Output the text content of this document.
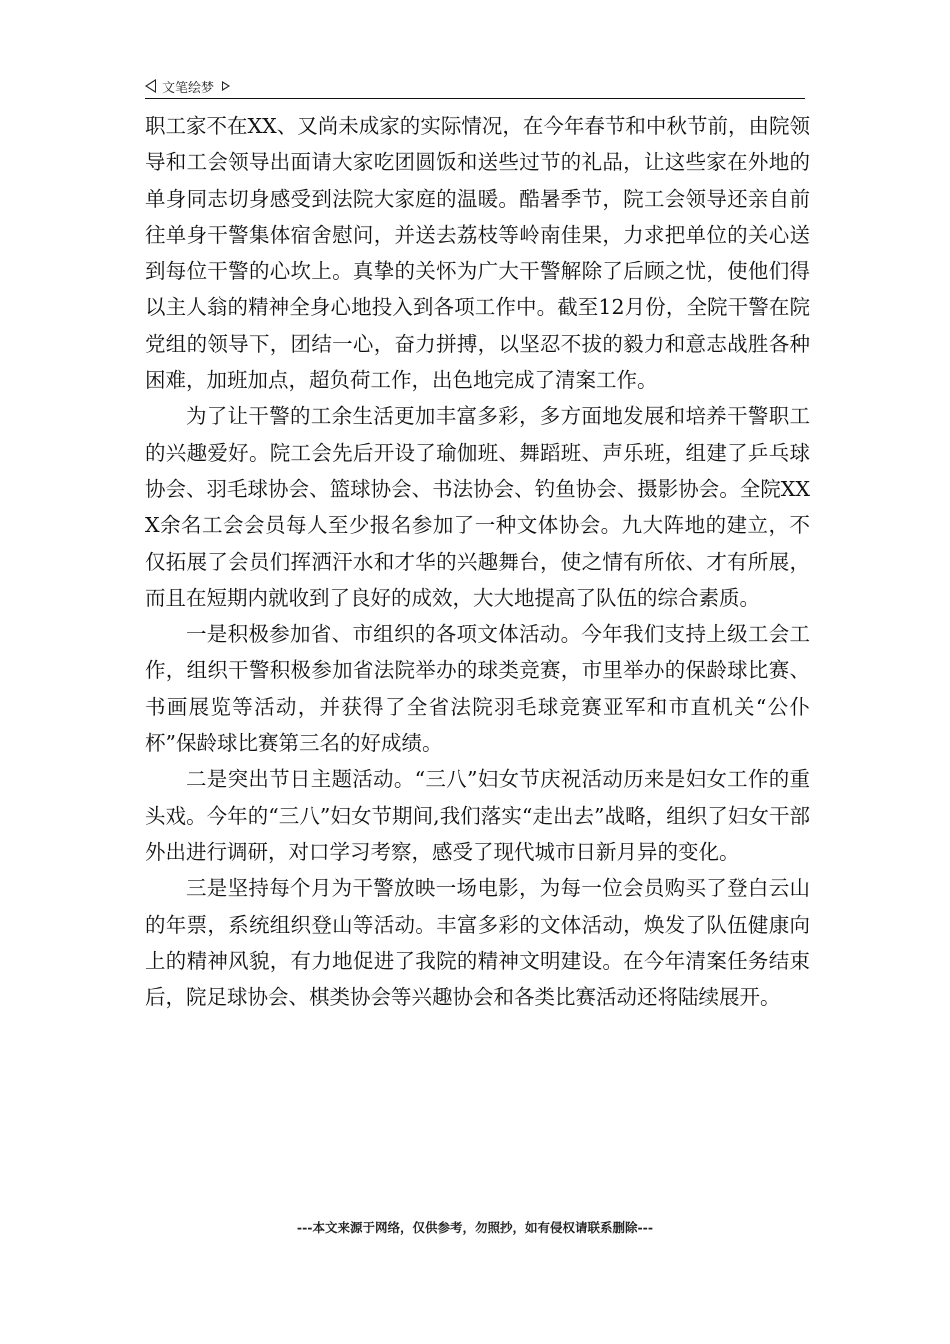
文笔绘梦

职工家不在XX、又尚未成家的实际情况，在今年春节和中秋节前，由院领导和工会领导出面请大家吃团圆饭和送些过节的礼品，让这些家在外地的单身同志切身感受到法院大家庭的温暖。酷暑季节，院工会领导还亲自前往单身干警集体宿舍慰问，并送去荔枝等岭南佳果，力求把单位的关心送到每位干警的心坎上。真挚的关怀为广大干警解除了后顾之忧，使他们得以主人翁的精神全身心地投入到各项工作中。截至12月份，全院干警在院党组的领导下，团结一心，奋力拼搏，以坚忍不拔的毅力和意志战胜各种困难，加班加点，超负荷工作，出色地完成了清案工作。

为了让干警的工余生活更加丰富多彩，多方面地发展和培养干警职工的兴趣爱好。院工会先后开设了瑜伽班、舞蹈班、声乐班，组建了乒乓球协会、羽毛球协会、篮球协会、书法协会、钓鱼协会、摄影协会。全院XXX余名工会会员每人至少报名参加了一种文体协会。九大阵地的建立，不仅拓展了会员们挥洒汗水和才华的兴趣舞台，使之情有所依、才有所展，而且在短期内就收到了良好的成效，大大地提高了队伍的综合素质。

一是积极参加省、市组织的各项文体活动。今年我们支持上级工会工作，组织干警积极参加省法院举办的球类竞赛，市里举办的保龄球比赛、书画展览等活动，并获得了全省法院羽毛球竞赛亚军和市直机关“公仆杯”保龄球比赛第三名的好成绩。

二是突出节日主题活动。“三八”妇女节庆祝活动历来是妇女工作的重头戏。今年的“三八”妇女节期间,我们落实“走出去”战略，组织了妇女干部外出进行调研，对口学习考察，感受了现代城市日新月异的变化。

三是坚持每个月为干警放映一场电影，为每一位会员购买了登白云山的年票，系统组织登山等活动。丰富多彩的文体活动，焕发了队伍健康向上的精神风貌，有力地促进了我院的精神文明建设。在今年清案任务结束后，院足球协会、棋类协会等兴趣协会和各类比赛活动还将陆续展开。

---本文来源于网络，仅供参考，勿照抄，如有侵权请联系删除---
